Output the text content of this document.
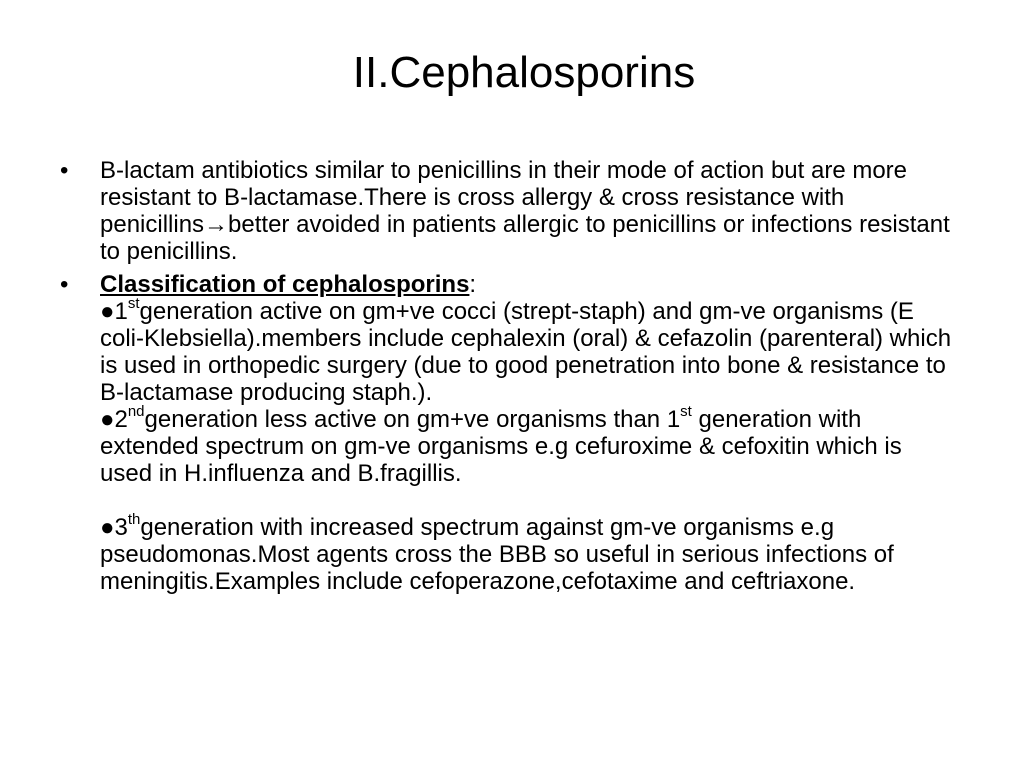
II.Cephalosporins
• B-lactam antibiotics similar to penicillins in their mode of action but are more resistant to B-lactamase.There is cross allergy & cross resistance with penicillins→better avoided in patients allergic to penicillins or infections resistant to penicillins.
• Classification of cephalosporins:
●1stgeneration active on gm+ve cocci (strept-staph) and gm-ve organisms (E coli-Klebsiella).members include cephalexin (oral) & cefazolin (parenteral) which is used in orthopedic surgery (due to good penetration into bone & resistance to B-lactamase producing staph.).
●2ndgeneration less active on gm+ve organisms than 1st generation with extended spectrum on gm-ve organisms e.g cefuroxime & cefoxitin which is used in H.influenza and B.fragillis.
●3thgeneration with increased spectrum against gm-ve organisms e.g pseudomonas.Most agents cross the BBB so useful in serious infections of meningitis.Examples include cefoperazone,cefotaxime and ceftriaxone.
